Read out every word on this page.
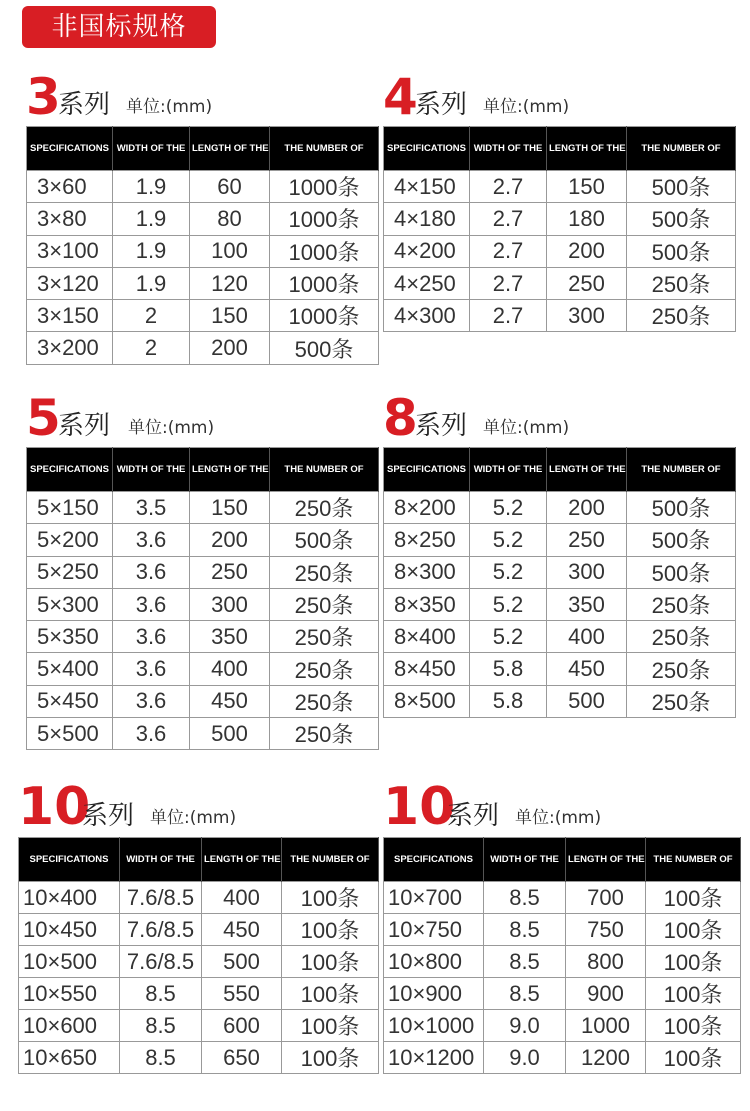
非国标规格
3
系列 单位:(mm)
SPECIFICATIONS	WIDTH OF THE	LENGTH OF THE	THE NUMBER OF
3×60	1.9	60	1000条
3×80	1.9	80	1000条
3×100	1.9	100	1000条
3×120	1.9	120	1000条
3×150	2	150	1000条
3×200	2	200	500条
4
系列 单位:(mm)
SPECIFICATIONS	WIDTH OF THE	LENGTH OF THE	THE NUMBER OF
4×150	2.7	150	500条
4×180	2.7	180	500条
4×200	2.7	200	500条
4×250	2.7	250	250条
4×300	2.7	300	250条
5
系列 单位:(mm)
SPECIFICATIONS	WIDTH OF THE	LENGTH OF THE	THE NUMBER OF
5×150	3.5	150	250条
5×200	3.6	200	500条
5×250	3.6	250	250条
5×300	3.6	300	250条
5×350	3.6	350	250条
5×400	3.6	400	250条
5×450	3.6	450	250条
5×500	3.6	500	250条
8
系列 单位:(mm)
SPECIFICATIONS	WIDTH OF THE	LENGTH OF THE	THE NUMBER OF
8×200	5.2	200	500条
8×250	5.2	250	500条
8×300	5.2	300	500条
8×350	5.2	350	250条
8×400	5.2	400	250条
8×450	5.8	450	250条
8×500	5.8	500	250条
10
系列 单位:(mm)
SPECIFICATIONS	WIDTH OF THE	LENGTH OF THE	THE NUMBER OF
10×400	7.6/8.5	400	100条
10×450	7.6/8.5	450	100条
10×500	7.6/8.5	500	100条
10×550	8.5	550	100条
10×600	8.5	600	100条
10×650	8.5	650	100条
10
系列 单位:(mm)
SPECIFICATIONS	WIDTH OF THE	LENGTH OF THE	THE NUMBER OF
10×700	8.5	700	100条
10×750	8.5	750	100条
10×800	8.5	800	100条
10×900	8.5	900	100条
10×1000	9.0	1000	100条
10×1200	9.0	1200	100条
